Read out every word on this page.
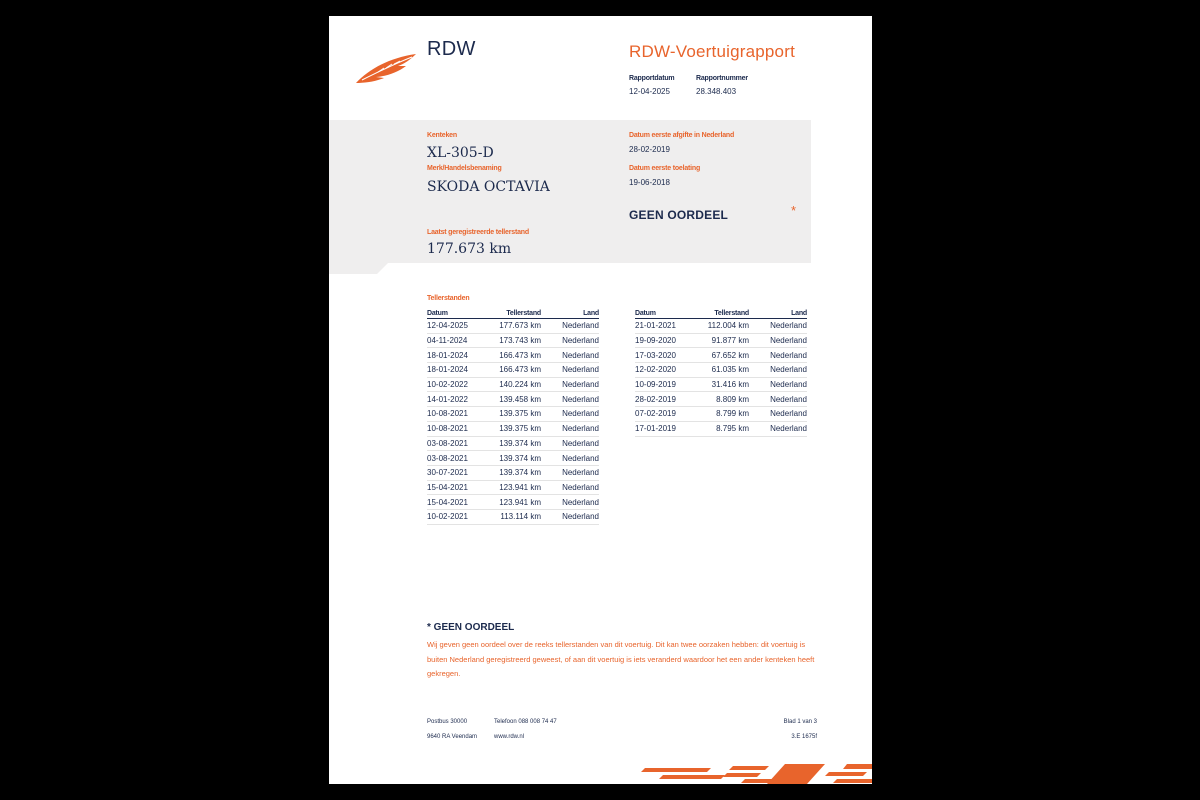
RDW	RDW-Voertuigrapport
Rapportdatum
12-04-2025
Rapportnummer
28.348.403
Kenteken
XL-305-D
Merk/Handelsbenaming
SKODA OCTAVIA
Datum eerste afgifte in Nederland
28-02-2019
Datum eerste toelating
19-06-2018
GEEN OORDEEL	*
Laatst geregistreerde tellerstand
177.673 km
Tellerstanden
Datum	Tellerstand	Land
12-04-2025	177.673 km	Nederland
04-11-2024	173.743 km	Nederland
18-01-2024	166.473 km	Nederland
18-01-2024	166.473 km	Nederland
10-02-2022	140.224 km	Nederland
14-01-2022	139.458 km	Nederland
10-08-2021	139.375 km	Nederland
10-08-2021	139.375 km	Nederland
03-08-2021	139.374 km	Nederland
03-08-2021	139.374 km	Nederland
30-07-2021	139.374 km	Nederland
15-04-2021	123.941 km	Nederland
15-04-2021	123.941 km	Nederland
10-02-2021	113.114 km	Nederland
Datum	Tellerstand	Land
21-01-2021	112.004 km	Nederland
19-09-2020	91.877 km	Nederland
17-03-2020	67.652 km	Nederland
12-02-2020	61.035 km	Nederland
10-09-2019	31.416 km	Nederland
28-02-2019	8.809 km	Nederland
07-02-2019	8.799 km	Nederland
17-01-2019	8.795 km	Nederland
* GEEN OORDEEL
Wij geven geen oordeel over de reeks tellerstanden van dit voertuig. Dit kan twee oorzaken hebben: dit voertuig is buiten Nederland geregistreerd geweest, of aan dit voertuig is iets veranderd waardoor het een ander kenteken heeft gekregen.
Postbus 30000
9640 RA Veendam
Telefoon 088 008 74 47
www.rdw.nl
Blad 1 van 3
3.E 1675f
